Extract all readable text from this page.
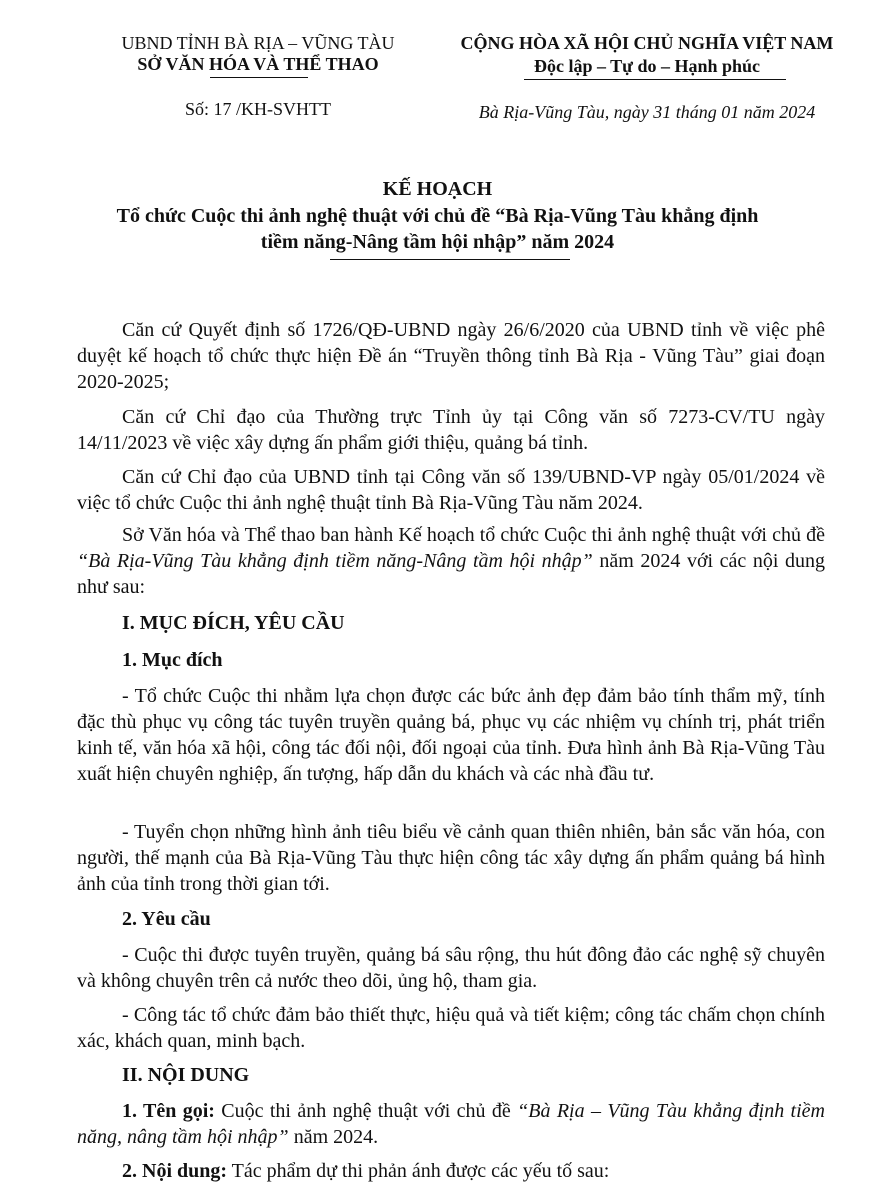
UBND TỈNH BÀ RỊA – VŨNG TÀU
SỞ VĂN HÓA VÀ THỂ THAO
Số: 17 /KH-SVHTT
CỘNG HÒA XÃ HỘI CHỦ NGHĨA VIỆT NAM
Độc lập – Tự do – Hạnh phúc
Bà Rịa-Vũng Tàu, ngày 31 tháng 01 năm 2024
KẾ HOẠCH
Tổ chức Cuộc thi ảnh nghệ thuật với chủ đề “Bà Rịa-Vũng Tàu khẳng định
tiềm năng-Nâng tầm hội nhập” năm 2024
Căn cứ Quyết định số 1726/QĐ-UBND ngày 26/6/2020 của UBND tỉnh về việc phê duyệt kế hoạch tổ chức thực hiện Đề án “Truyền thông tỉnh Bà Rịa - Vũng Tàu” giai đoạn 2020-2025;
Căn cứ Chỉ đạo của Thường trực Tỉnh ủy tại Công văn số 7273-CV/TU ngày 14/11/2023 về việc xây dựng ấn phẩm giới thiệu, quảng bá tỉnh.
Căn cứ Chỉ đạo của UBND tỉnh tại Công văn số 139/UBND-VP ngày 05/01/2024 về việc tổ chức Cuộc thi ảnh nghệ thuật tỉnh Bà Rịa-Vũng Tàu năm 2024.
Sở Văn hóa và Thể thao ban hành Kế hoạch tổ chức Cuộc thi ảnh nghệ thuật với chủ đề “Bà Rịa-Vũng Tàu khẳng định tiềm năng-Nâng tầm hội nhập” năm 2024 với các nội dung như sau:
I. MỤC ĐÍCH, YÊU CẦU
1. Mục đích
- Tổ chức Cuộc thi nhằm lựa chọn được các bức ảnh đẹp đảm bảo tính thẩm mỹ, tính đặc thù phục vụ công tác tuyên truyền quảng bá, phục vụ các nhiệm vụ chính trị, phát triển kinh tế, văn hóa xã hội, công tác đối nội, đối ngoại của tỉnh. Đưa hình ảnh Bà Rịa-Vũng Tàu xuất hiện chuyên nghiệp, ấn tượng, hấp dẫn du khách và các nhà đầu tư.
- Tuyển chọn những hình ảnh tiêu biểu về cảnh quan thiên nhiên, bản sắc văn hóa, con người, thế mạnh của Bà Rịa-Vũng Tàu thực hiện công tác xây dựng ấn phẩm quảng bá hình ảnh của tỉnh trong thời gian tới.
2. Yêu cầu
- Cuộc thi được tuyên truyền, quảng bá sâu rộng, thu hút đông đảo các nghệ sỹ chuyên và không chuyên trên cả nước theo dõi, ủng hộ, tham gia.
- Công tác tổ chức đảm bảo thiết thực, hiệu quả và tiết kiệm; công tác chấm chọn chính xác, khách quan, minh bạch.
II. NỘI DUNG
1. Tên gọi: Cuộc thi ảnh nghệ thuật với chủ đề “Bà Rịa – Vũng Tàu khẳng định tiềm năng, nâng tầm hội nhập” năm 2024.
2. Nội dung: Tác phẩm dự thi phản ánh được các yếu tố sau:
